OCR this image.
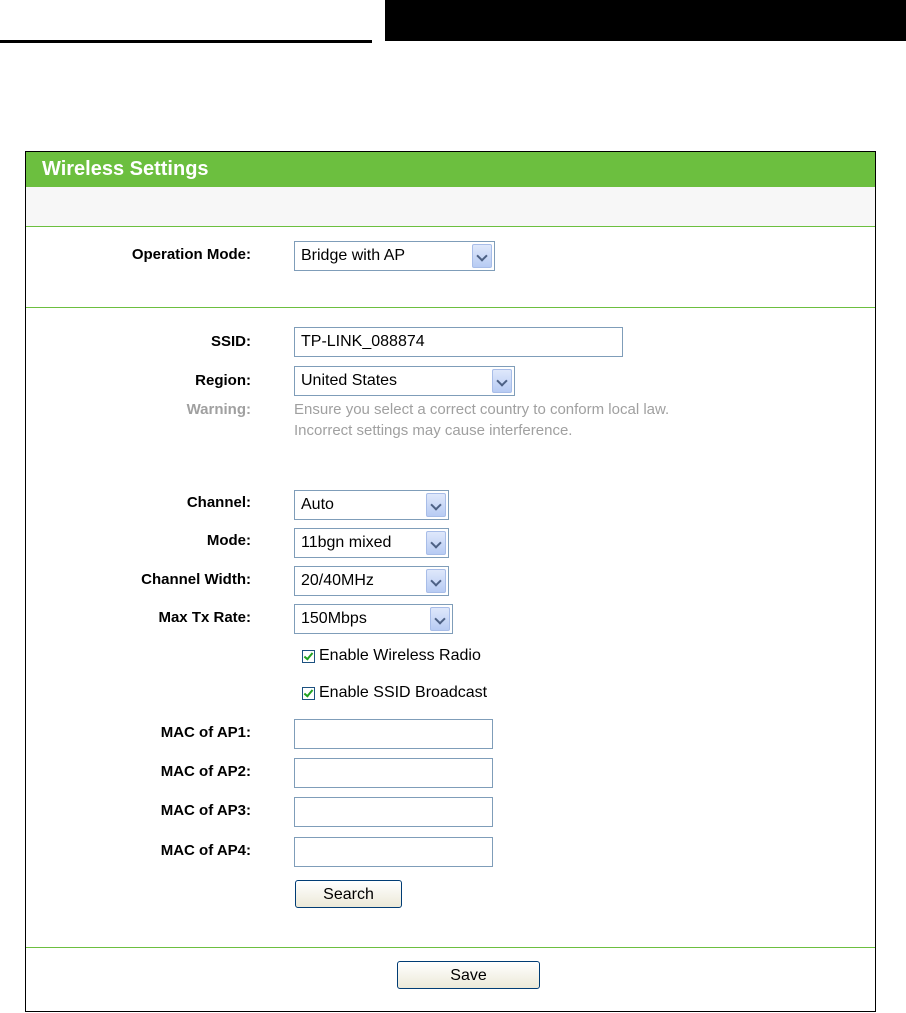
Wireless Settings
Operation Mode:	Bridge with AP
SSID:	TP-LINK_088874
Region:	United States
Warning:	Ensure you select a correct country to conform local law.
Incorrect settings may cause interference.
Channel:	Auto
Mode:	11bgn mixed
Channel Width:	20/40MHz
Max Tx Rate:	150Mbps
Enable Wireless Radio
Enable SSID Broadcast
MAC of AP1:
MAC of AP2:
MAC of AP3:
MAC of AP4:
Search
Save
